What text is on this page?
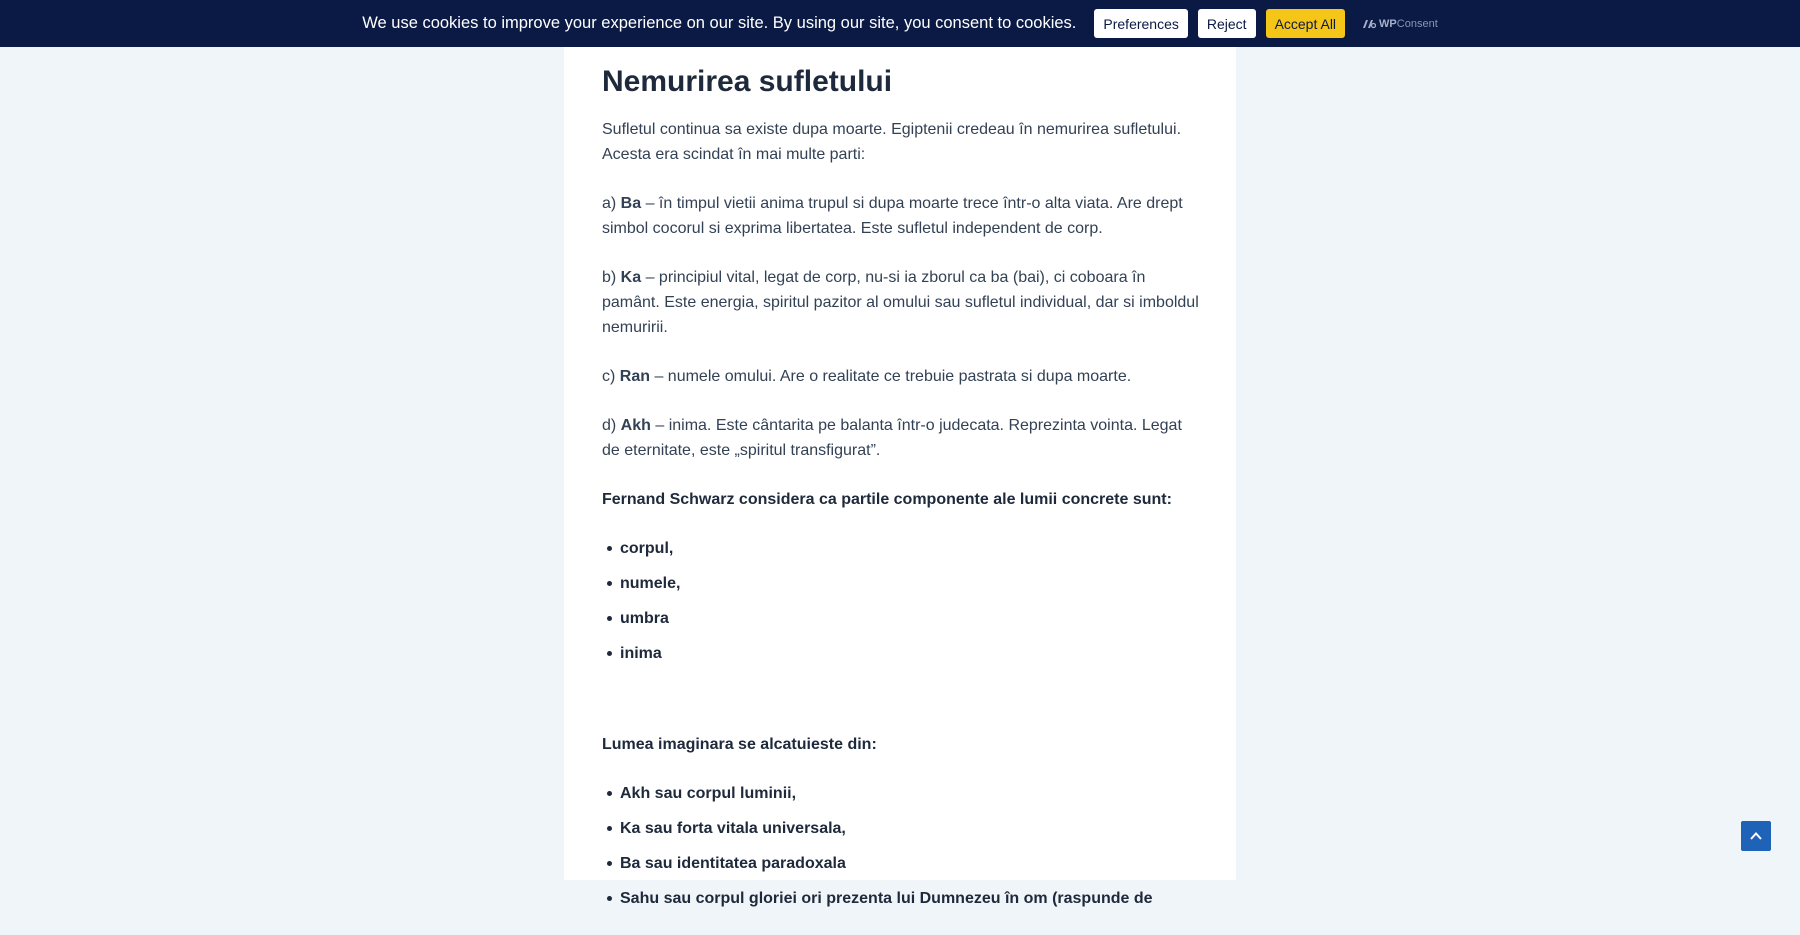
We use cookies to improve your experience on our site. By using our site, you consent to cookies.	Preferences	Reject	Accept All	WPConsent
Nemurirea sufletului

Sufletul continua sa existe dupa moarte. Egiptenii credeau în nemurirea sufletului. Acesta era scindat în mai multe parti:

a) Ba – în timpul vietii anima trupul si dupa moarte trece într-o alta viata. Are drept simbol cocorul si exprima libertatea. Este sufletul independent de corp.

b) Ka – principiul vital, legat de corp, nu-si ia zborul ca ba (bai), ci coboara în pamânt. Este energia, spiritul pazitor al omului sau sufletul individual, dar si imboldul nemuririi.

c) Ran – numele omului. Are o realitate ce trebuie pastrata si dupa moarte.

d) Akh – inima. Este cântarita pe balanta într-o judecata. Reprezinta vointa. Legat de eternitate, este „spiritul transfigurat”.

Fernand Schwarz considera ca partile componente ale lumii concrete sunt:

corpul,
numele,
umbra
inima

Lumea imaginara se alcatuieste din:

Akh sau corpul luminii,
Ka sau forta vitala universala,
Ba sau identitatea paradoxala
Sahu sau corpul gloriei ori prezenta lui Dumnezeu în om (raspunde de
